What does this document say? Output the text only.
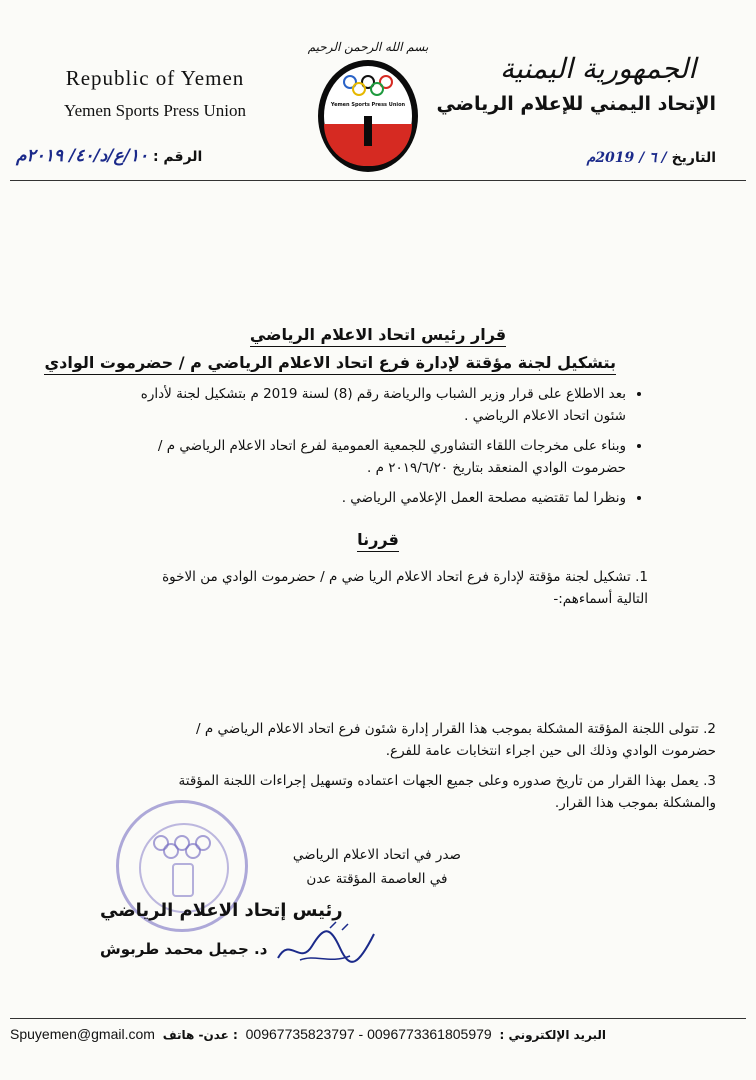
Republic of Yemen
Yemen Sports Press Union
الجمهورية اليمنية
الإتحاد اليمني للإعلام الرياضي
بسم الله الرحمن الرحيم
Yemen Sports Press Union
الرقم : ١٠/ع/د/٤٠/ ٢٠١٩م	التاريخ / ٦ / 2019م
قرار رئيس اتحاد الاعلام الرياضي
بتشكيل لجنة مؤقتة لإدارة فرع اتحاد الاعلام الرياضي م / حضرموت الوادي
• بعد الاطلاع على قرار وزير الشباب والرياضة رقم (8) لسنة 2019 م بتشكيل لجنة لأداره شئون اتحاد الاعلام الرياضي .
• وبناء على مخرجات اللقاء التشاوري للجمعية العمومية لفرع اتحاد الاعلام الرياضي م / حضرموت الوادي المنعقد بتاريخ ٢٠١٩/٦/٢٠ م .
• ونظرا لما تقتضيه مصلحة العمل الإعلامي الرياضي .
قررنا
1. تشكيل لجنة مؤقتة لإدارة فرع اتحاد الاعلام الريا ضي م / حضرموت الوادي من الاخوة التالية أسماءهم:-
2. تتولى اللجنة المؤقتة المشكلة بموجب هذا القرار إدارة شئون فرع اتحاد الاعلام الرياضي م / حضرموت الوادي وذلك الى حين اجراء انتخابات عامة للفرع.
3. يعمل بهذا القرار من تاريخ صدوره وعلى جميع الجهات اعتماده وتسهيل إجراءات اللجنة المؤقتة والمشكلة بموجب هذا القرار.
صدر في اتحاد الاعلام الرياضي
في العاصمة المؤقتة عدن
رئيس إتحاد الاعلام الرياضي
د. جميل محمد طربوش
Spuyemen@gmail.com	البريد الإلكتروني :  0096773361805979 - 00967735823797  : عدن- هاتف
